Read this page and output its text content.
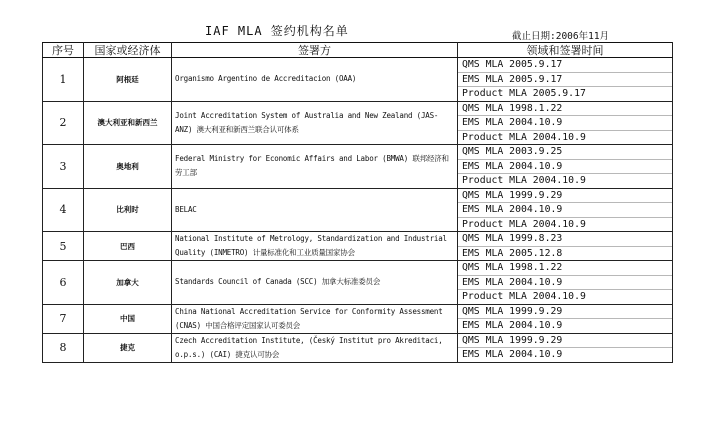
IAF MLA 签约机构名单	截止日期:2006年11月
序号	国家或经济体	签署方	领域和签署时间
1	阿根廷	Organismo Argentino de Accreditacion (OAA)	QMS MLA 2005.9.17
EMS MLA 2005.9.17
Product MLA 2005.9.17

2	澳大利亚和新西兰	Joint Accreditation System of Australia and New Zealand (JAS-ANZ) 澳大利亚和新西兰联合认可体系	QMS MLA 1998.1.22
EMS MLA 2004.10.9
Product MLA 2004.10.9

3	奥地利	Federal Ministry for Economic Affairs and Labor (BMWA) 联邦经济和劳工部	QMS MLA 2003.9.25
EMS MLA 2004.10.9
Product MLA 2004.10.9

4	比利时	BELAC	QMS MLA 1999.9.29
EMS MLA 2004.10.9
Product MLA 2004.10.9

5	巴西	National Institute of Metrology, Standardization and Industrial Quality (INMETRO) 计量标准化和工业质量国家协会	QMS MLA 1999.8.23
EMS MLA 2005.12.8

6	加拿大	Standards Council of Canada (SCC) 加拿大标准委员会	QMS MLA 1998.1.22
EMS MLA 2004.10.9
Product MLA 2004.10.9

7	中国	China National Accreditation Service for Conformity Assessment (CNAS) 中国合格评定国家认可委员会	QMS MLA 1999.9.29
EMS MLA 2004.10.9

8	捷克	Czech Accreditation Institute, (Český Institut pro Akreditaci, o.p.s.) (CAI) 捷克认可协会	QMS MLA 1999.9.29
EMS MLA 2004.10.9
